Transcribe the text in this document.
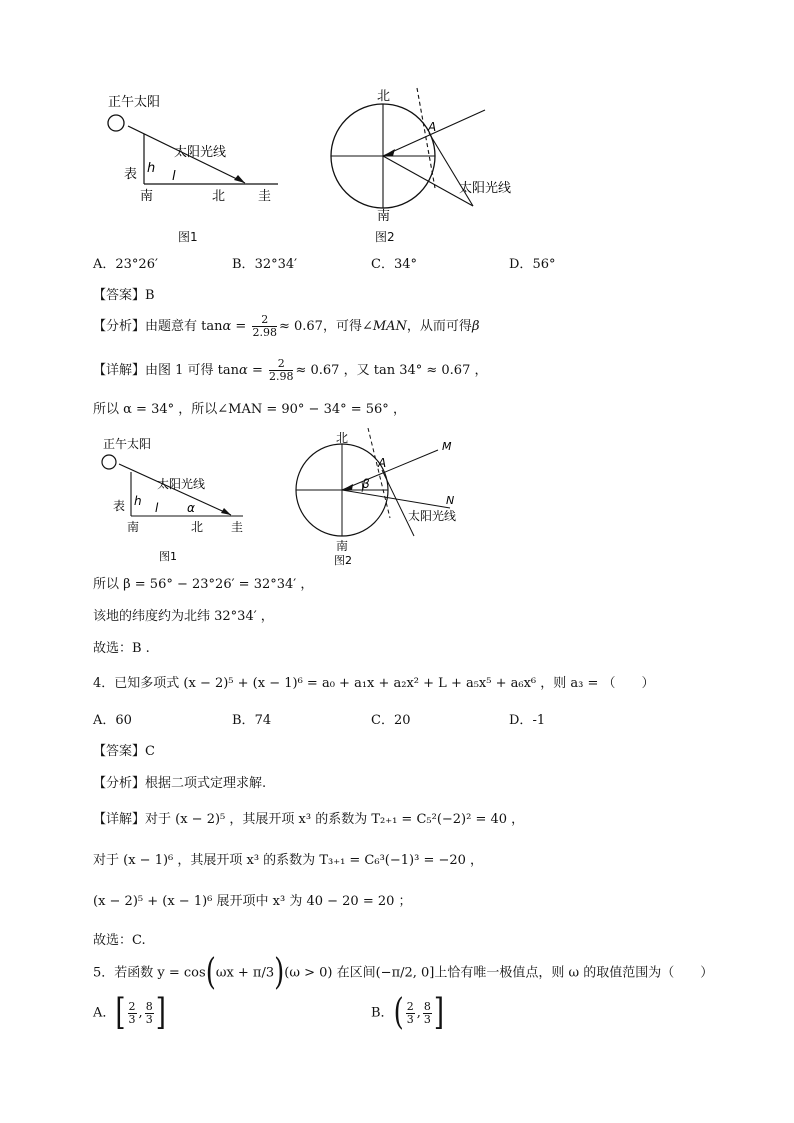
正午太阳
太阳光线
h
l
表
南	北	圭
图1
北
南
A
太阳光线
图2
A．23°26′	B．32°34′	C．34°	D．56°
【答案】B
【分析】由题意有 $\tan\alpha = \frac{2}{2.98} \approx 0.67$，可得∠MAN，从而可得β
【详解】由图 1 可得 $\tan\alpha = \frac{2}{2.98} \approx 0.67$ ，又 tan 34° ≈ 0.67 ，
所以 α = 34° ，所以∠MAN = 90° − 34° = 56° ，
正午太阳
太阳光线
h l α
表
南	北 圭
图1
北
南
A
β
M
N
太阳光线
图2
所以 β = 56° − 23°26′ = 32°34′ ，
该地的纬度约为北纬 32°34′ ，
故选：B .
4．已知多项式 (x − 2)⁵ + (x − 1)⁶ = a₀ + a₁x + a₂x² + L + a₅x⁵ + a₆x⁶ ，则 a₃ = （　　）
A．60	B．74	C．20	D．-1
【答案】C
【分析】根据二项式定理求解.
【详解】对于 (x − 2)⁵ ，其展开项 x³ 的系数为 T₂₊₁ = C₅²(−2)² = 40 ，
对于 (x − 1)⁶ ，其展开项 x³ 的系数为 T₃₊₁ = C₆³(−1)³ = −20 ，
(x − 2)⁵ + (x − 1)⁶ 展开项中 x³ 为 40 − 20 = 20 ；
故选：C.
5．若函数 y = cos(ωx + π/3)(ω > 0) 在区间(−π/2, 0]上恰有唯一极值点，则 ω 的取值范围为（　　）
A．[ $\frac{2}{3}$ , $\frac{8}{3}$ ]	B．( $\frac{2}{3}$ , $\frac{8}{3}$ ]
